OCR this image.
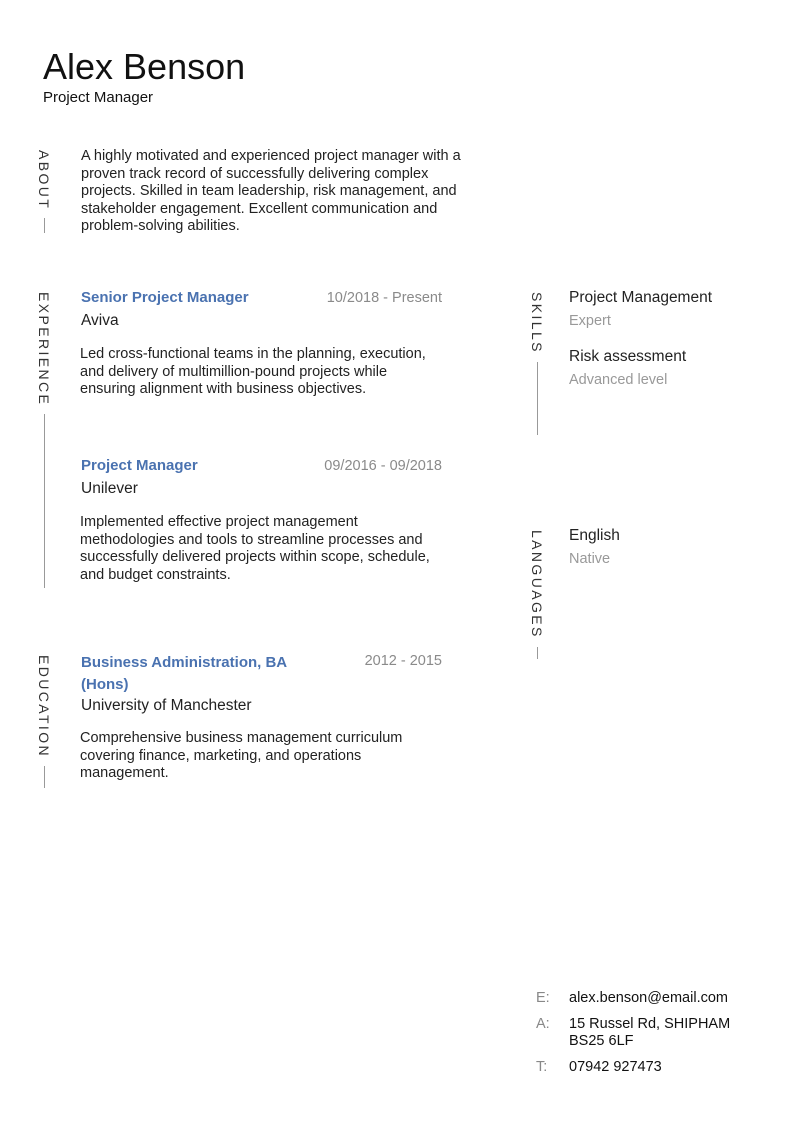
Alex Benson
Project Manager
ABOUT A highly motivated and experienced project manager with a proven track record of successfully delivering complex projects. Skilled in team leadership, risk management, and stakeholder engagement. Excellent communication and problem-solving abilities.
EXPERIENCE Senior Project Manager	10/2018 - Present
Aviva
Led cross-functional teams in the planning, execution, and delivery of multimillion-pound projects while ensuring alignment with business objectives.
Project Manager	09/2016 - 09/2018
Unilever
Implemented effective project management methodologies and tools to streamline processes and successfully delivered projects within scope, schedule, and budget constraints.
EDUCATION Business Administration, BA (Hons)
2012 - 2015
University of Manchester
Comprehensive business management curriculum covering finance, marketing, and operations management.
SKILLS Project Management
Expert
Risk assessment
Advanced level
LANGUAGES English
Native
E: alex.benson@email.com
A: 15 Russel Rd, SHIPHAM
BS25 6LF
T: 07942 927473
